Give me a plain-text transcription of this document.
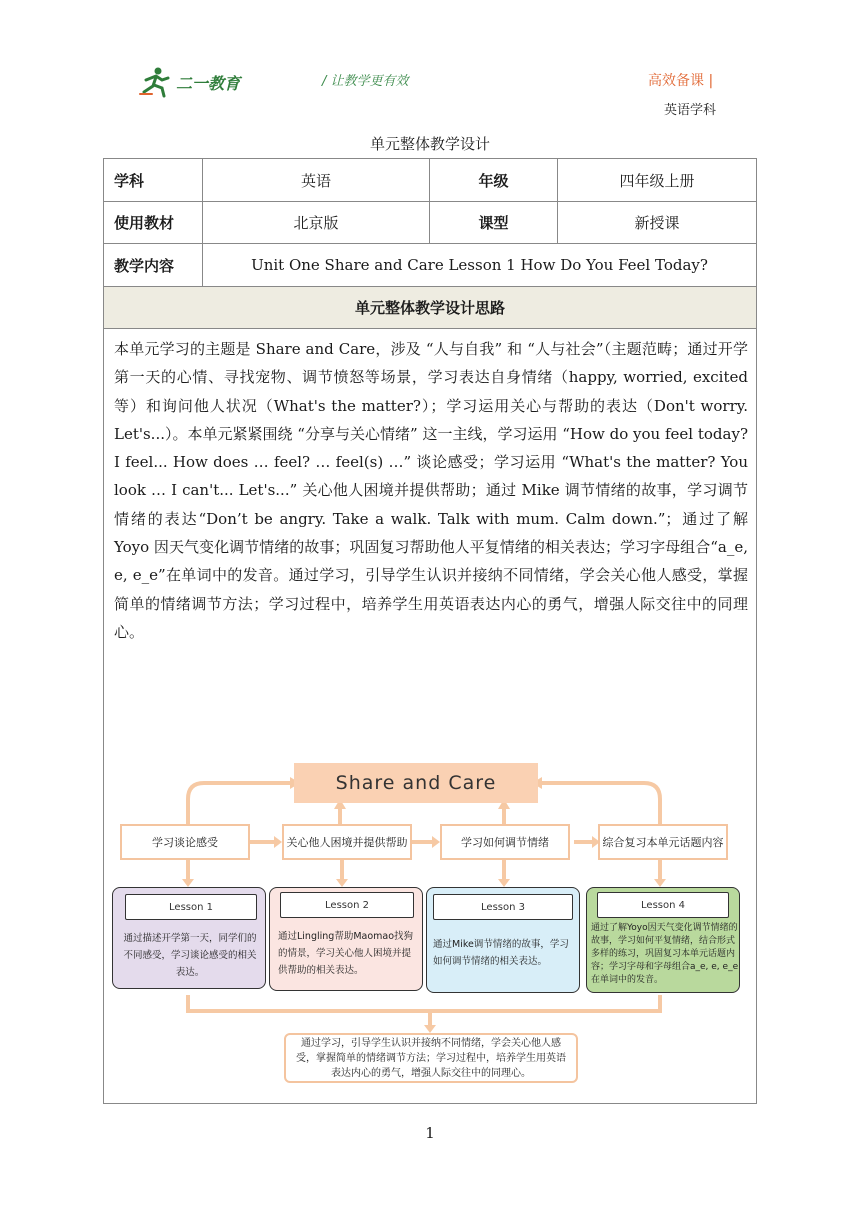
二一教育	/ 让教学更有效	高效备课 |
英语学科
单元整体教学设计
学科	英语	年级	四年级上册
使用教材	北京版	课型	新授课
教学内容	Unit One Share and Care Lesson 1 How Do You Feel Today?
单元整体教学设计思路
本单元学习的主题是 Share and Care，涉及 “人与自我” 和 “人与社会”（主题范畴；通过开学第一天的心情、寻找宠物、调节愤怒等场景，学习表达自身情绪（happy, worried, excited 等）和询问他人状况（What's the matter?）；学习运用关心与帮助的表达（Don't worry. Let's...）。本单元紧紧围绕 “分享与关心情绪” 这一主线，学习运用 “How do you feel today? I feel... How does … feel? … feel(s) …” 谈论感受；学习运用 “What's the matter? You look … I can't... Let's...” 关心他人困境并提供帮助；通过 Mike 调节情绪的故事，学习调节情绪的表达“Don’t be angry. Take a walk. Talk with mum. Calm down.”；通过了解 Yoyo 因天气变化调节情绪的故事；巩固复习帮助他人平复情绪的相关表达；学习字母组合“a_e, e, e_e”在单词中的发音。通过学习，引导学生认识并接纳不同情绪，学会关心他人感受，掌握简单的情绪调节方法；学习过程中，培养学生用英语表达内心的勇气，增强人际交往中的同理心。
Share and Care
学习谈论感受	关心他人困境并提供帮助	学习如何调节情绪	综合复习本单元话题内容
Lesson 1
通过描述开学第一天，同学们的不同感受，学习谈论感受的相关表达。
Lesson 2
通过Lingling帮助Maomao找狗的情景，学习关心他人困境并提供帮助的相关表达。
Lesson 3
通过Mike调节情绪的故事，学习如何调节情绪的相关表达。
Lesson 4
通过了解Yoyo因天气变化调节情绪的故事，学习如何平复情绪，结合形式多样的练习，巩固复习本单元话题内容；学习字母和字母组合a_e, e, e_e在单词中的发音。
通过学习，引导学生认识并接纳不同情绪，学会关心他人感受，掌握简单的情绪调节方法；学习过程中，培养学生用英语表达内心的勇气，增强人际交往中的同理心。
1
